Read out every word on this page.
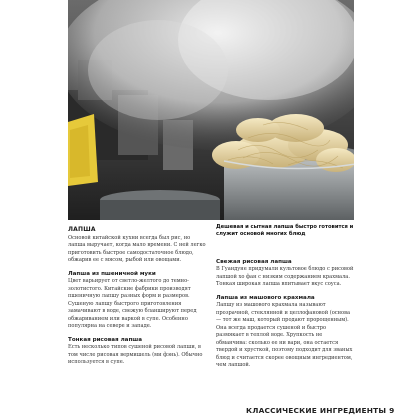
Дешевая и сытная лапша быстро готовится и служит основой многих блюд
ЛАПША
Основой китайской кухни всегда был рис, но лапша выручает, когда мало времени. С ней легко приготовить быстрое самодостаточное блюдо, обжарив ее с мясом, рыбой или овощами.
Лапша из пшеничной муки
Цвет варьирует от светло-желтого до темно-золотистого. Китайские фабрики производят пшеничную лапшу разных форм и размеров. Сушеную лапшу быстрого приготовления замачивают в воде, свежую бланшируют перед обжариванием или варкой в супе. Особенно популярна на севере и западе.
Тонкая рисовая лапша
Есть несколько типов сушеной рисовой лапши, в том числе рисовая вермишель (ми фэнь). Обычно используется в супе.
Свежая рисовая лапша
В Гуандуне придумали культовое блюдо с рисовой лапшой хо фан с низким содержанием крахмала. Тонкая широкая лапша впитывает вкус соуса.
Лапша из машового крахмала
Лапшу из машового крахмала называют прозрачной, стеклянной и целлофановой (основа — тот же маш, который продают пророщенным). Она всегда продается сушеной и быстро размякает в теплой воде. Хрупкость не обманчива: сколько ее ни вари, она остается твердой и хрусткой, поэтому подходит для званых блюд и считается скорее овощным ингредиентом, чем лапшой.
КЛАССИЧЕСКИЕ ИНГРЕДИЕНТЫ 9
